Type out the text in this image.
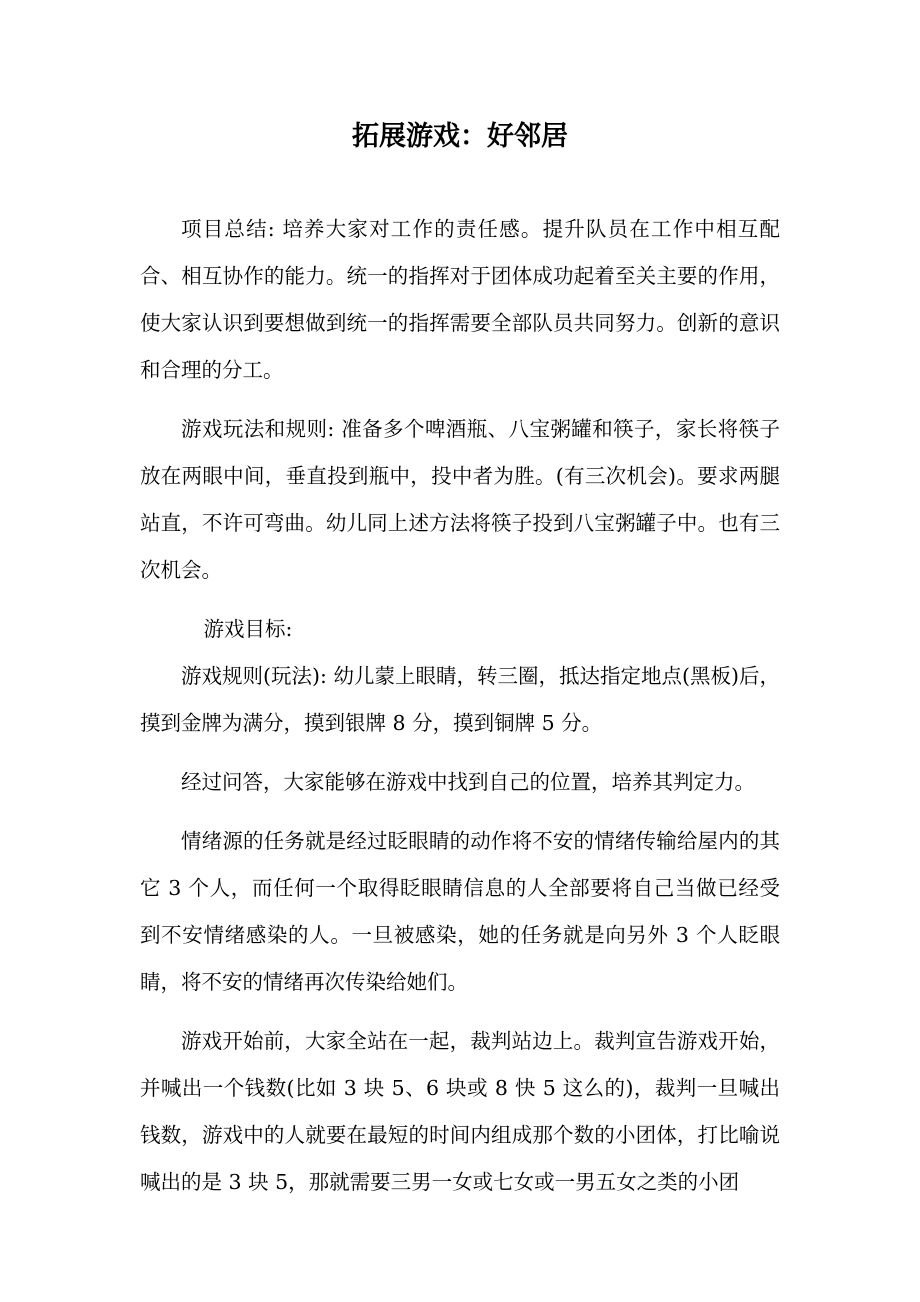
拓展游戏：好邻居

项目总结: 培养大家对工作的责任感。提升队员在工作中相互配合、相互协作的能力。统一的指挥对于团体成功起着至关主要的作用，使大家认识到要想做到统一的指挥需要全部队员共同努力。创新的意识和合理的分工。

游戏玩法和规则: 准备多个啤酒瓶、八宝粥罐和筷子，家长将筷子放在两眼中间，垂直投到瓶中，投中者为胜。(有三次机会)。要求两腿站直，不许可弯曲。幼儿同上述方法将筷子投到八宝粥罐子中。也有三次机会。

游戏目标:

游戏规则(玩法): 幼儿蒙上眼睛，转三圈，抵达指定地点(黑板)后，摸到金牌为满分，摸到银牌 8 分，摸到铜牌 5 分。

经过问答，大家能够在游戏中找到自己的位置，培养其判定力。

情绪源的任务就是经过眨眼睛的动作将不安的情绪传输给屋内的其它 3 个人，而任何一个取得眨眼睛信息的人全部要将自己当做已经受到不安情绪感染的人。一旦被感染，她的任务就是向另外 3 个人眨眼睛，将不安的情绪再次传染给她们。

游戏开始前，大家全站在一起，裁判站边上。裁判宣告游戏开始，并喊出一个钱数(比如 3 块 5、6 块或 8 快 5 这么的)，裁判一旦喊出钱数，游戏中的人就要在最短的时间内组成那个数的小团体，打比喻说喊出的是 3 块 5，那就需要三男一女或七女或一男五女之类的小团
